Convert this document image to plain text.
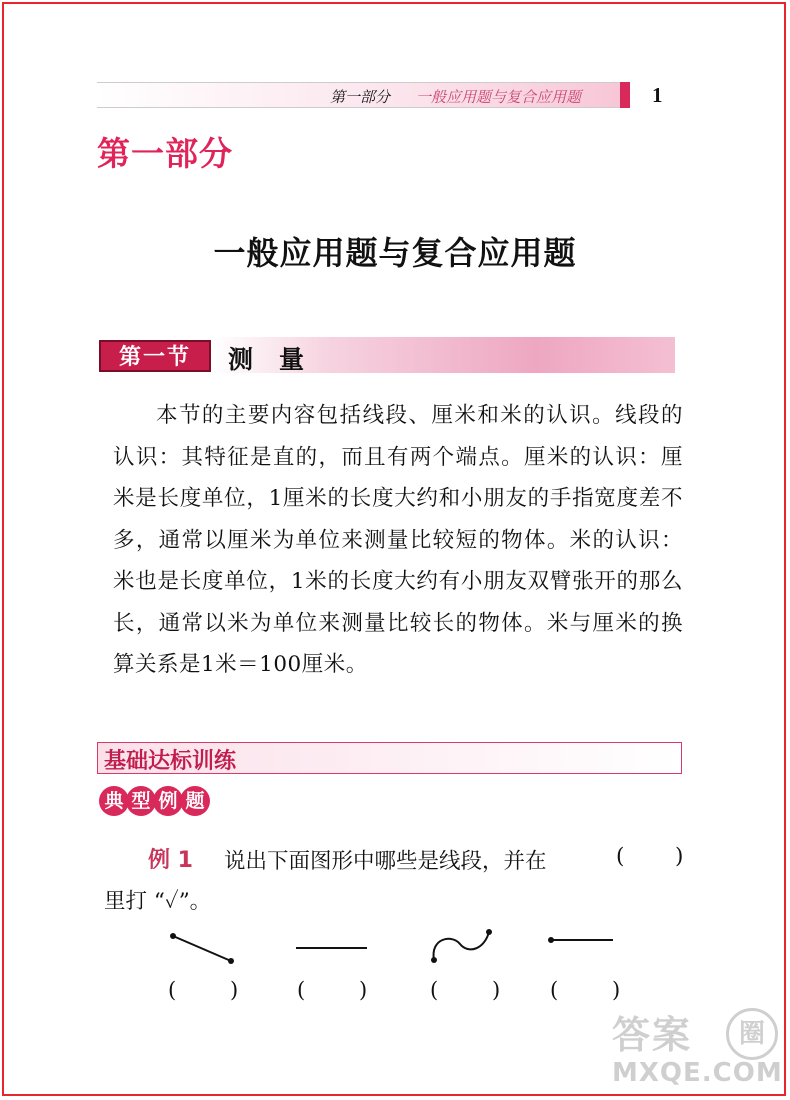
第一部分 一般应用题与复合应用题	1
第一部分
一般应用题与复合应用题
第一节	测量
本节的主要内容包括线段、厘米和米的认识。线段的认识：其特征是直的，而且有两个端点。厘米的认识：厘米是长度单位，1厘米的长度大约和小朋友的手指宽度差不多，通常以厘米为单位来测量比较短的物体。米的认识：米也是长度单位，1米的长度大约有小朋友双臂张开的那么长，通常以米为单位来测量比较长的物体。米与厘米的换算关系是1米＝100厘米。
基础达标训练
典 型 例 题
例 1 说出下面图形中哪些是线段，并在	( )
里打 “✓”。
(	)	(	)	(	) (	)
答案	圈
MXQE.COM
